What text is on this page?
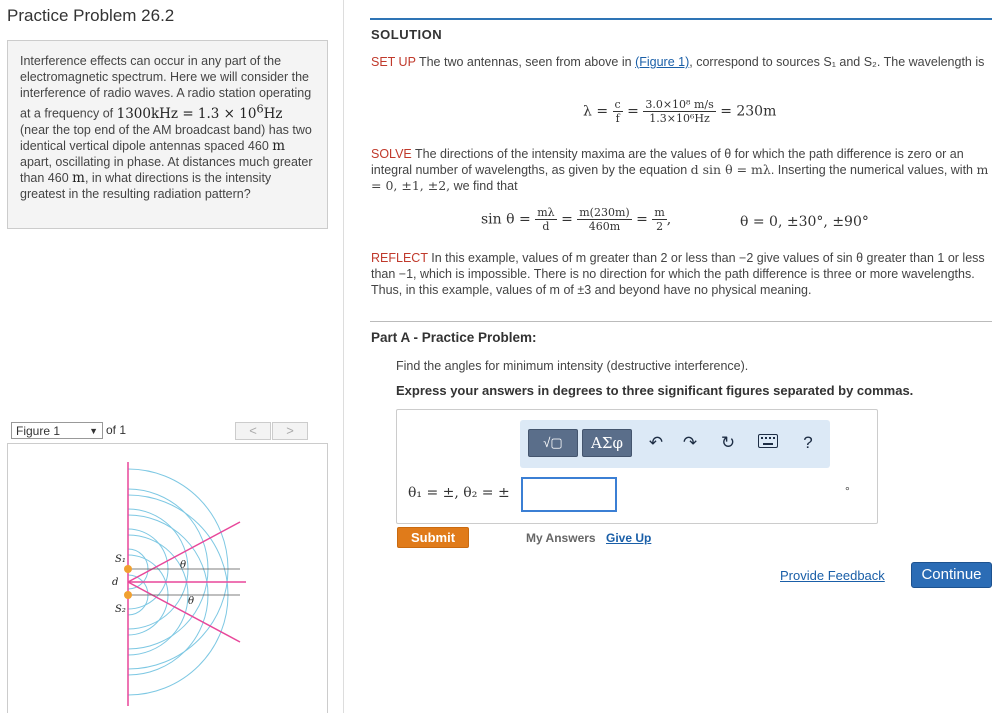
Practice Problem 26.2
Interference effects can occur in any part of the electromagnetic spectrum. Here we will consider the interference of radio waves. A radio station operating at a frequency of $1300kHz = 1.3 \times 10^6Hz$ (near the top end of the AM broadcast band) has two identical vertical dipole antennas spaced 460 m apart, oscillating in phase. At distances much greater than 460 m, in what directions is the intensity greatest in the resulting radiation pattern?
Figure 1	▼ of 1	<	>
S₁
S₂
d
θ
θ
SOLUTION
SET UP The two antennas, seen from above in (Figure 1), correspond to sources S₁ and S₂. The wavelength is
$\lambda = \frac{c}{f} = \frac{\text{3.0×10⁸ m/s}}{\text{1.3×10⁶Hz}} = 230m$
SOLVE The directions of the intensity maxima are the values of θ for which the path difference is zero or an integral number of wavelengths, as given by the equation d sin θ = mλ. Inserting the numerical values, with m = 0, ±1, ±2, we find that
$\sin \theta = \frac{m\lambda}{d} = \frac{m(230m)}{460m} = \frac{m}{2}$ ,	θ = 0, ±30°, ±90°
REFLECT In this example, values of m greater than 2 or less than −2 give values of sin θ greater than 1 or less than −1, which is impossible. There is no direction for which the path difference is three or more wavelengths. Thus, in this example, values of m of ±3 and beyond have no physical meaning.
Part A - Practice Problem:
Find the angles for minimum intensity (destructive interference).
Express your answers in degrees to three significant figures separated by commas.
√▢	ΑΣφ	↶ ↷ ↻	?
θ₁ = ±, θ₂ = ±	°
Submit	My Answers Give Up
Provide Feedback	Continue
